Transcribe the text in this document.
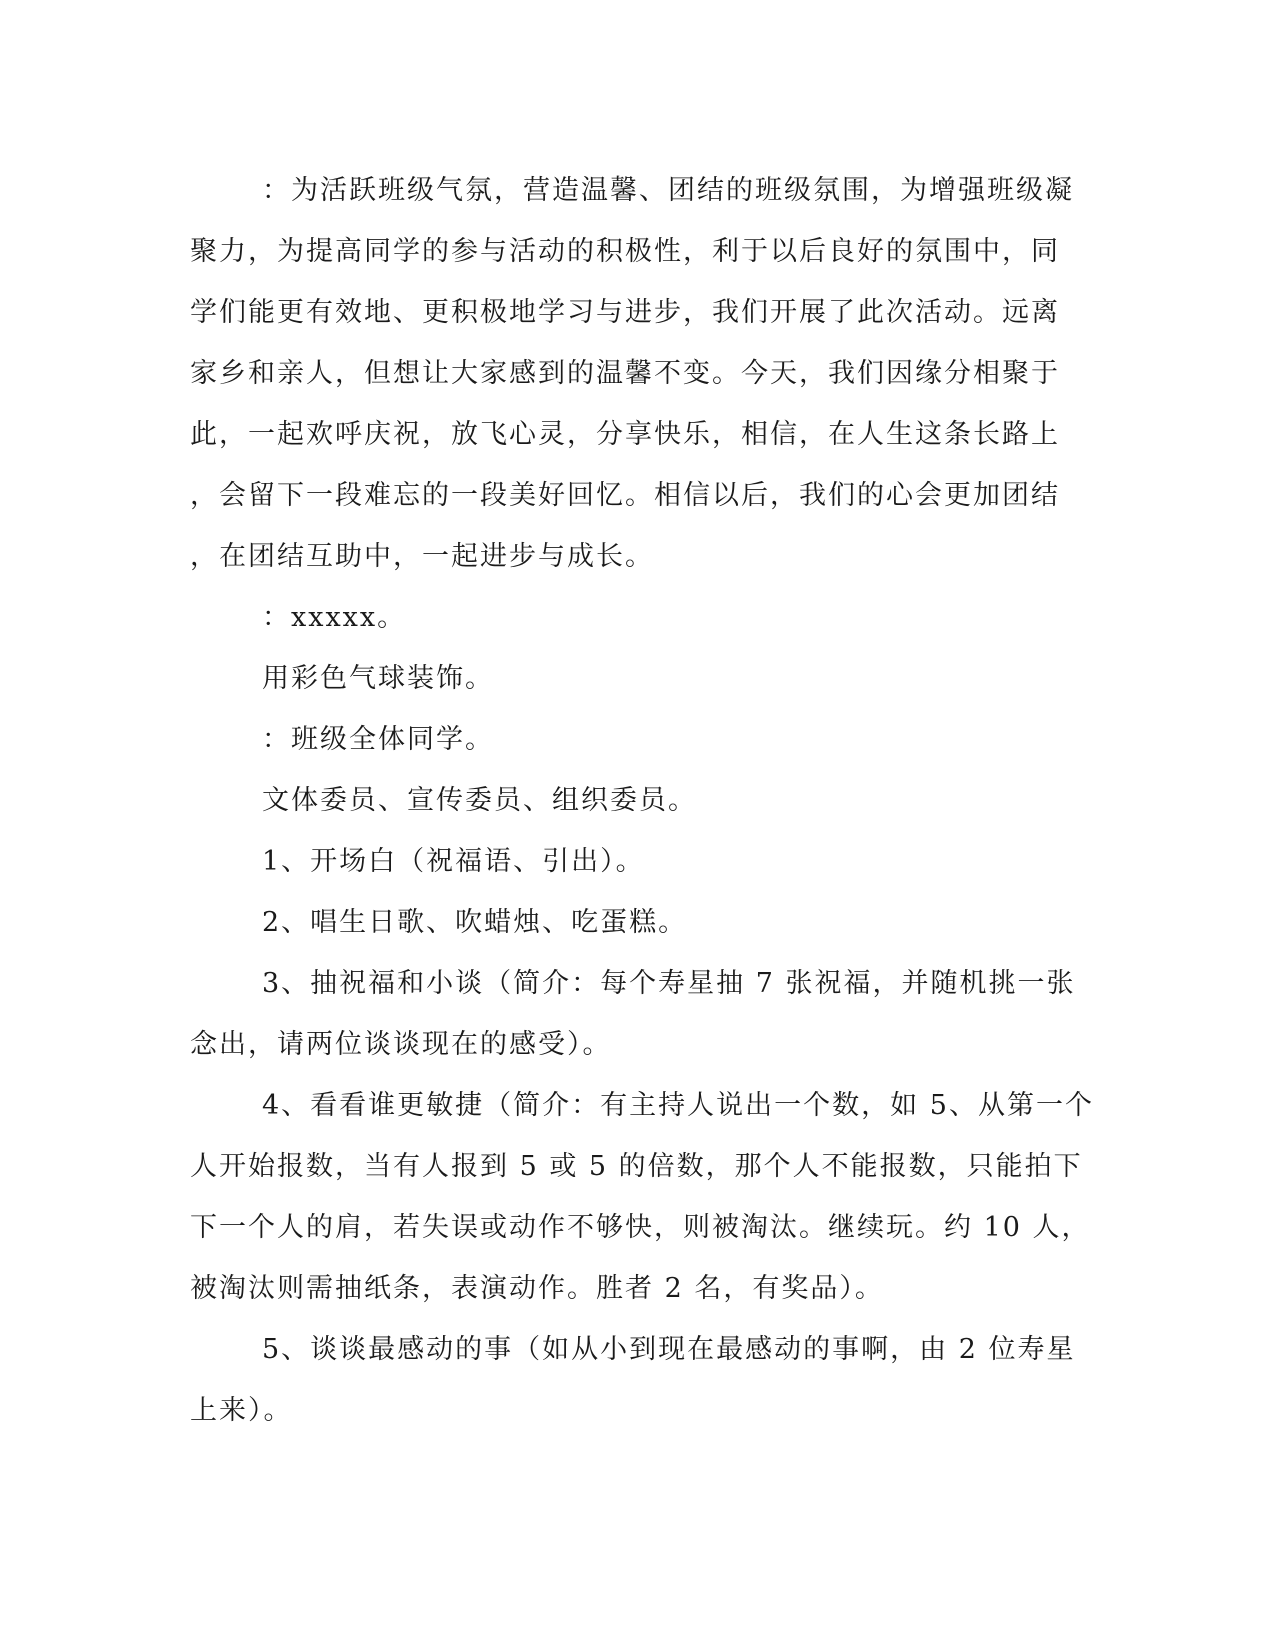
：为活跃班级气氛，营造温馨、团结的班级氛围，为增强班级凝
聚力，为提高同学的参与活动的积极性，利于以后良好的氛围中，同
学们能更有效地、更积极地学习与进步，我们开展了此次活动。远离
家乡和亲人，但想让大家感到的温馨不变。今天，我们因缘分相聚于
此，一起欢呼庆祝，放飞心灵，分享快乐，相信，在人生这条长路上
，会留下一段难忘的一段美好回忆。相信以后，我们的心会更加团结
，在团结互助中，一起进步与成长。
：xxxxx。
用彩色气球装饰。
：班级全体同学。
文体委员、宣传委员、组织委员。
1、开场白（祝福语、引出）。
2、唱生日歌、吹蜡烛、吃蛋糕。
3、抽祝福和小谈（简介：每个寿星抽 7 张祝福，并随机挑一张
念出，请两位谈谈现在的感受）。
4、看看谁更敏捷（简介：有主持人说出一个数，如 5、从第一个
人开始报数，当有人报到 5 或 5 的倍数，那个人不能报数，只能拍下
下一个人的肩，若失误或动作不够快，则被淘汰。继续玩。约 10 人，
被淘汰则需抽纸条，表演动作。胜者 2 名，有奖品）。
5、谈谈最感动的事（如从小到现在最感动的事啊，由 2 位寿星
上来）。
